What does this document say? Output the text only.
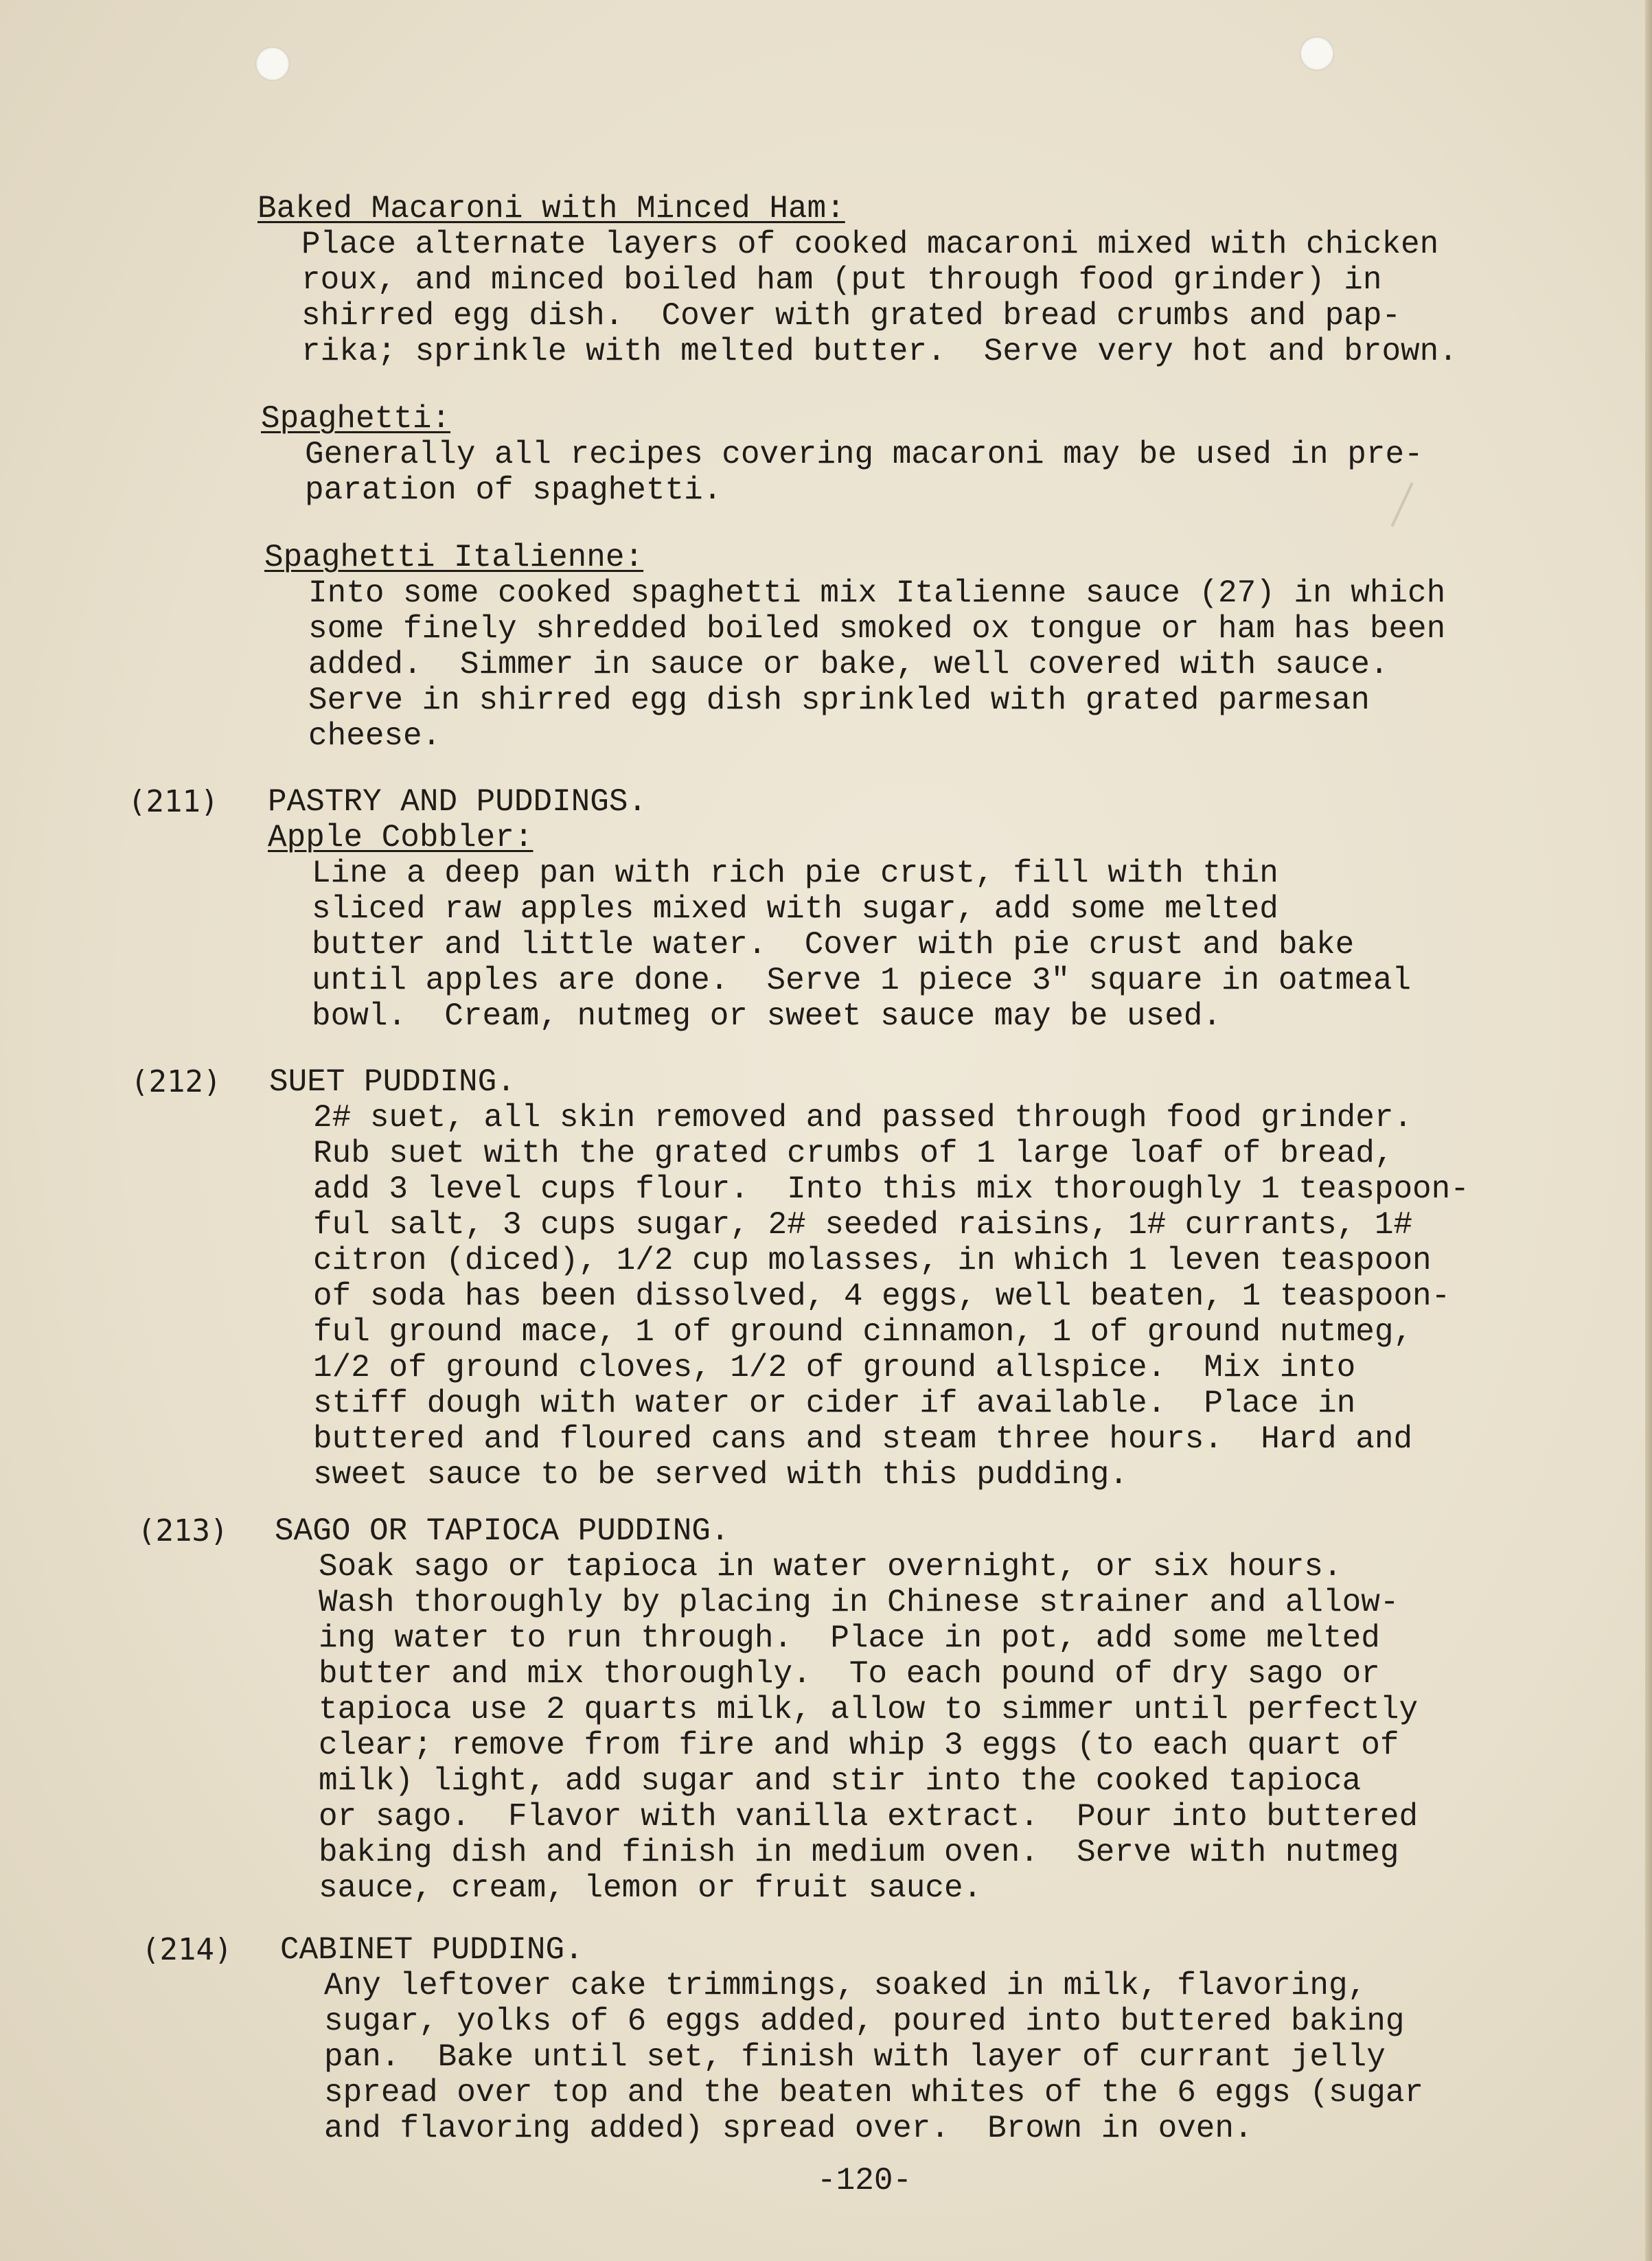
Baked Macaroni with Minced Ham:
Place alternate layers of cooked macaroni mixed with chicken
roux, and minced boiled ham (put through food grinder) in
shirred egg dish.  Cover with grated bread crumbs and pap-
rika; sprinkle with melted butter.  Serve very hot and brown.
Spaghetti:
Generally all recipes covering macaroni may be used in pre-
paration of spaghetti.
Spaghetti Italienne:
Into some cooked spaghetti mix Italienne sauce (27) in which
some finely shredded boiled smoked ox tongue or ham has been
added.  Simmer in sauce or bake, well covered with sauce.
Serve in shirred egg dish sprinkled with grated parmesan
cheese.
(211) PASTRY AND PUDDINGS.
Apple Cobbler:
Line a deep pan with rich pie crust, fill with thin
sliced raw apples mixed with sugar, add some melted
butter and little water.  Cover with pie crust and bake
until apples are done.  Serve 1 piece 3" square in oatmeal
bowl.  Cream, nutmeg or sweet sauce may be used.
(212) SUET PUDDING.
2# suet, all skin removed and passed through food grinder.
Rub suet with the grated crumbs of 1 large loaf of bread,
add 3 level cups flour.  Into this mix thoroughly 1 teaspoon-
ful salt, 3 cups sugar, 2# seeded raisins, 1# currants, 1#
citron (diced), 1/2 cup molasses, in which 1 leven teaspoon
of soda has been dissolved, 4 eggs, well beaten, 1 teaspoon-
ful ground mace, 1 of ground cinnamon, 1 of ground nutmeg,
1/2 of ground cloves, 1/2 of ground allspice.  Mix into
stiff dough with water or cider if available.  Place in
buttered and floured cans and steam three hours.  Hard and
sweet sauce to be served with this pudding.
(213) SAGO OR TAPIOCA PUDDING.
Soak sago or tapioca in water overnight, or six hours.
Wash thoroughly by placing in Chinese strainer and allow-
ing water to run through.  Place in pot, add some melted
butter and mix thoroughly.  To each pound of dry sago or
tapioca use 2 quarts milk, allow to simmer until perfectly
clear; remove from fire and whip 3 eggs (to each quart of
milk) light, add sugar and stir into the cooked tapioca
or sago.  Flavor with vanilla extract.  Pour into buttered
baking dish and finish in medium oven.  Serve with nutmeg
sauce, cream, lemon or fruit sauce.
(214) CABINET PUDDING.
Any leftover cake trimmings, soaked in milk, flavoring,
sugar, yolks of 6 eggs added, poured into buttered baking
pan.  Bake until set, finish with layer of currant jelly
spread over top and the beaten whites of the 6 eggs (sugar
and flavoring added) spread over.  Brown in oven.
-120-
